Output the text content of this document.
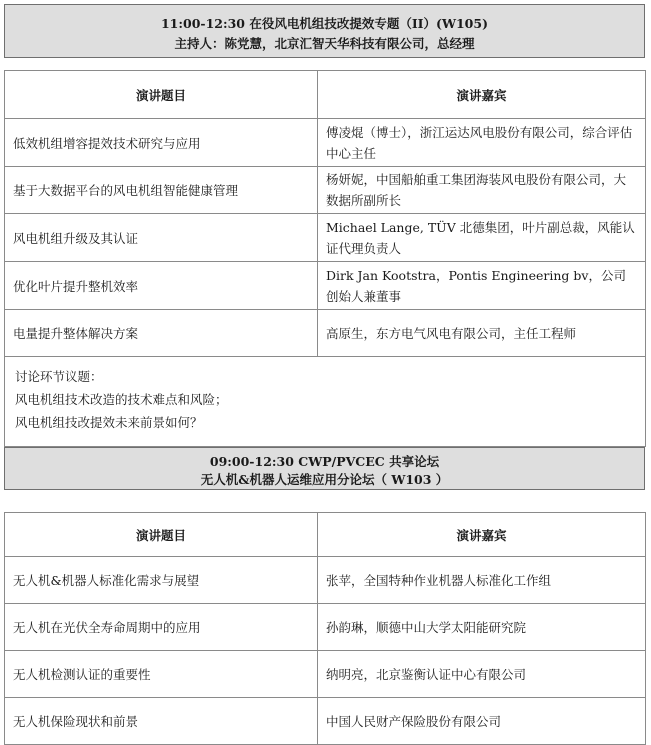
11:00-12:30 在役风电机组技改提效专题（II）(W105)
主持人：陈党慧，北京汇智天华科技有限公司，总经理
演讲题目	演讲嘉宾
低效机组增容提效技术研究与应用	傅凌焜（博士），浙江运达风电股份有限公司，综合评估中心主任
基于大数据平台的风电机组智能健康管理	杨妍妮，中国船舶重工集团海装风电股份有限公司，大数据所副所长
风电机组升级及其认证	Michael Lange, TÜV 北德集团，叶片副总裁，风能认证代理负责人
优化叶片提升整机效率	Dirk Jan Kootstra，Pontis Engineering bv，公司创始人兼董事
电量提升整体解决方案	高原生，东方电气风电有限公司，主任工程师

讨论环节议题：
风电机组技术改造的技术难点和风险；
风电机组技改提效未来前景如何？	
09:00-12:30 CWP/PVCEC 共享论坛
无人机&机器人运维应用分论坛（ W103 ）
演讲题目	演讲嘉宾
无人机&机器人标准化需求与展望	张苹，全国特种作业机器人标准化工作组
无人机在光伏全寿命周期中的应用	孙韵琳，顺德中山大学太阳能研究院
无人机检测认证的重要性	纳明亮，北京鉴衡认证中心有限公司
无人机保险现状和前景	中国人民财产保险股份有限公司
